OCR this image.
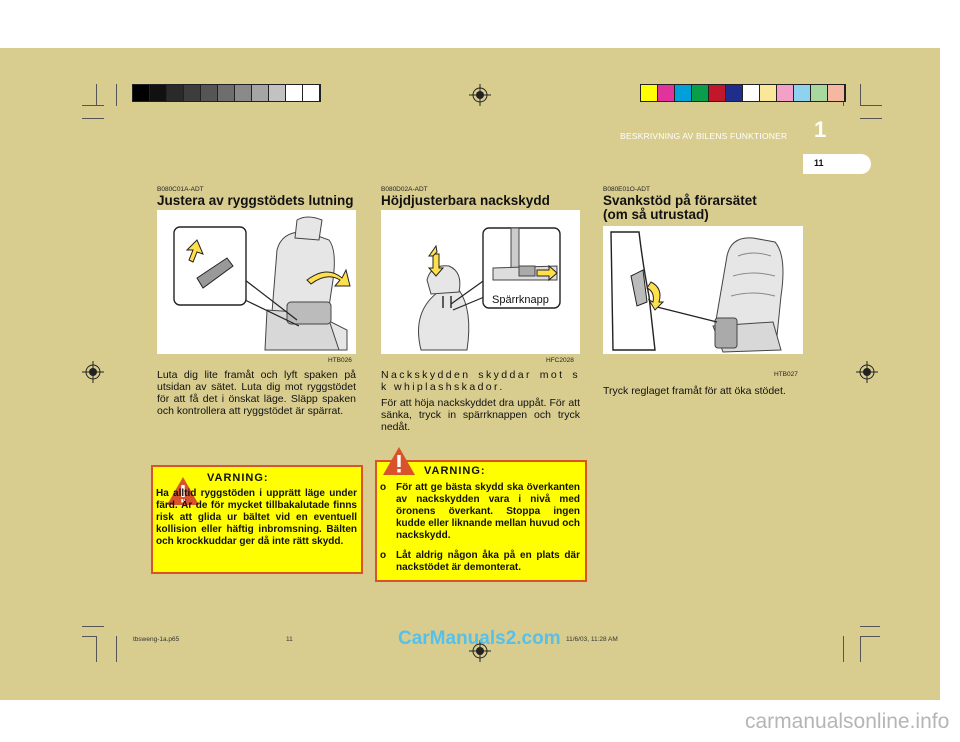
BESKRIVNING AV BILENS FUNKTIONER 1
11
B080C01A-ADT
Justera av ryggstödets lutning
HTB026
Luta dig lite framåt och lyft spaken på utsidan av sätet. Luta dig mot ryggstödet för att få det i önskat läge. Släpp spaken och kontrollera att ryggstödet är spärrat.
VARNING:
Ha alltid ryggstöden i upprätt läge under färd. Är de för mycket tillbakalutade finns risk att glida ur bältet vid en eventuell kollision eller häftig inbromsning. Bälten och krockkuddar ger då inte rätt skydd.
B080D02A-ADT
Höjdjusterbara nackskydd
Spärrknapp
HFC2028
Nackskydden skyddar mot s k whiplashskador.
För att höja nackskyddet dra uppåt. För att sänka, tryck in spärrknappen och tryck nedåt.
VARNING:
o För att ge bästa skydd ska överkanten av nackskydden vara i nivå med öronens överkant. Stoppa ingen kudde eller liknande mellan huvud och nackskydd.
o Låt aldrig någon åka på en plats där nackstödet är demonterat.
B080E01O-ADT
Svankstöd på förarsätet
(om så utrustad)
HTB027
Tryck reglaget framåt för att öka stödet.
tbsweng-1a.p65	11	11/6/03, 11:28 AM
CarManuals2.com
carmanualsonline.info
